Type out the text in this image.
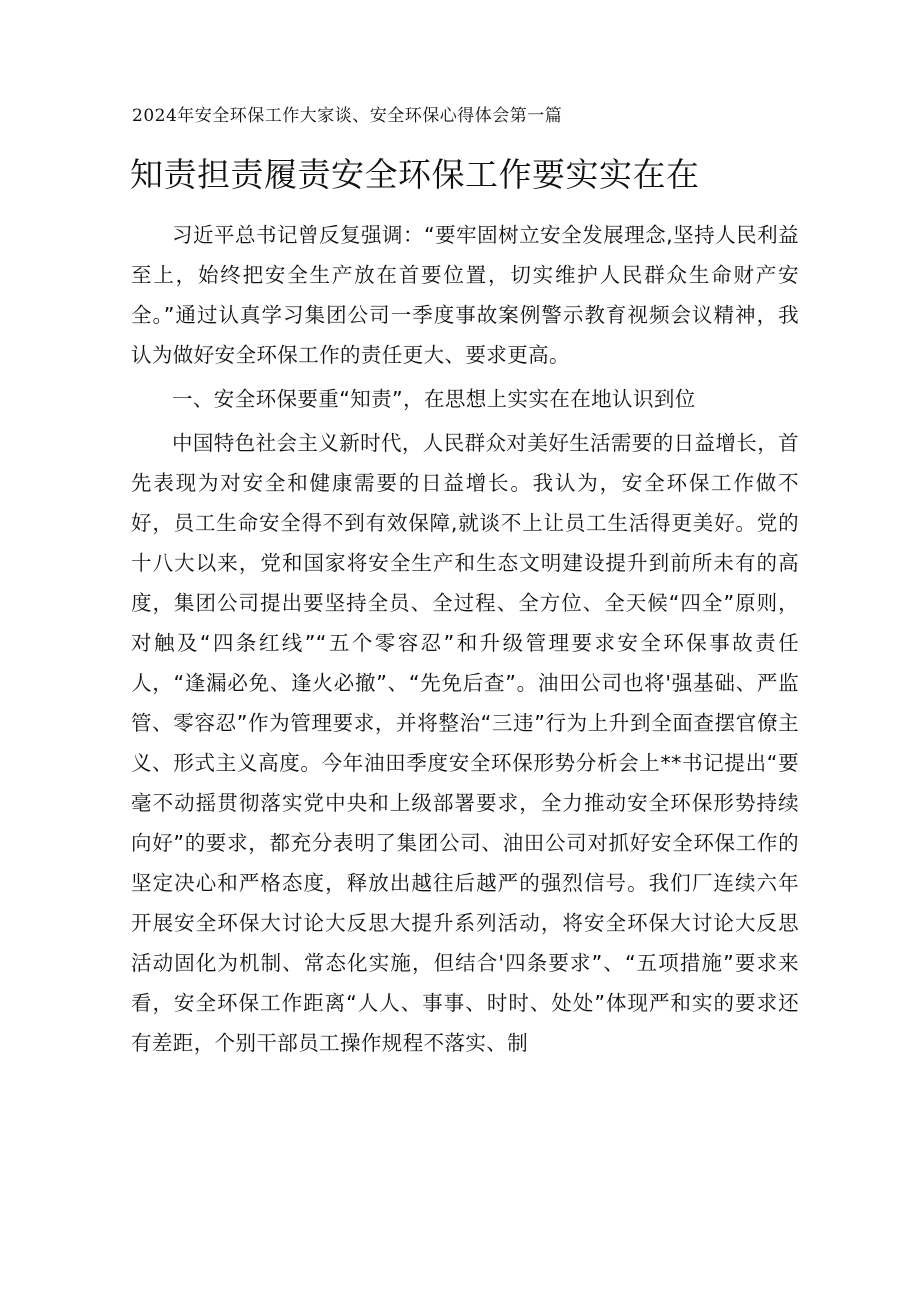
2024年安全环保工作大家谈、安全环保心得体会第一篇
知责担责履责安全环保工作要实实在在

习近平总书记曾反复强调：“要牢固树立安全发展理念,坚持人民利益至上，始终把安全生产放在首要位置，切实维护人民群众生命财产安全。”通过认真学习集团公司一季度事故案例警示教育视频会议精神，我认为做好安全环保工作的责任更大、要求更高。

一、安全环保要重“知责”，在思想上实实在在地认识到位

中国特色社会主义新时代，人民群众对美好生活需要的日益增长，首先表现为对安全和健康需要的日益增长。我认为，安全环保工作做不好，员工生命安全得不到有效保障,就谈不上让员工生活得更美好。党的十八大以来，党和国家将安全生产和生态文明建设提升到前所未有的高度，集团公司提出要坚持全员、全过程、全方位、全天候“四全”原则，对触及“四条红线”“五个零容忍”和升级管理要求安全环保事故责任人，“逢漏必免、逢火必撤”、“先免后查”。油田公司也将'强基础、严监管、零容忍”作为管理要求，并将整治“三违”行为上升到全面查摆官僚主义、形式主义高度。今年油田季度安全环保形势分析会上**书记提出“要毫不动摇贯彻落实党中央和上级部署要求，全力推动安全环保形势持续向好”的要求，都充分表明了集团公司、油田公司对抓好安全环保工作的坚定决心和严格态度，释放出越往后越严的强烈信号。我们厂连续六年开展安全环保大讨论大反思大提升系列活动，将安全环保大讨论大反思活动固化为机制、常态化实施，但结合'四条要求”、“五项措施”要求来看，安全环保工作距离“人人、事事、时时、处处”体现严和实的要求还有差距，个别干部员工操作规程不落实、制
